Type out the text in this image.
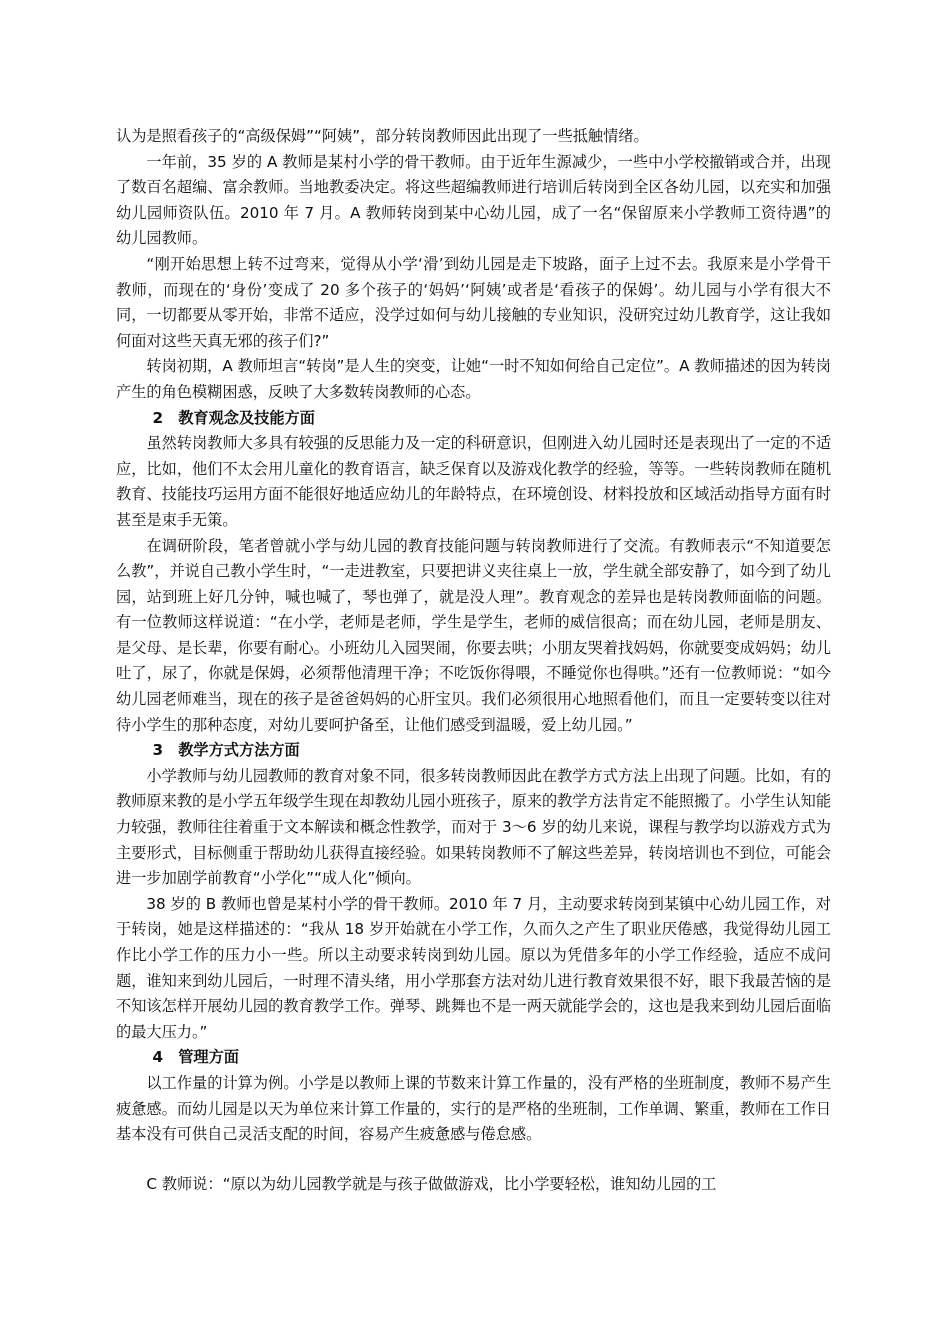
认为是照看孩子的“高级保姆”“阿姨”，部分转岗教师因此出现了一些抵触情绪。

一年前，35 岁的 A 教师是某村小学的骨干教师。由于近年生源减少，一些中小学校撤销或合并，出现了数百名超编、富余教师。当地教委决定。将这些超编教师进行培训后转岗到全区各幼儿园，以充实和加强幼儿园师资队伍。2010 年 7 月。A 教师转岗到某中心幼儿园，成了一名“保留原来小学教师工资待遇”的幼儿园教师。

“刚开始思想上转不过弯来，觉得从小学‘滑’到幼儿园是走下坡路，面子上过不去。我原来是小学骨干教师，而现在的‘身份’变成了 20 多个孩子的‘妈妈’‘阿姨’或者是‘看孩子的保姆’。幼儿园与小学有很大不同，一切都要从零开始，非常不适应，没学过如何与幼儿接触的专业知识，没研究过幼儿教育学，这让我如何面对这些天真无邪的孩子们?”

转岗初期，A 教师坦言“转岗”是人生的突变，让她“一时不知如何给自己定位”。A 教师描述的因为转岗产生的角色模糊困惑，反映了大多数转岗教师的心态。

2　教育观念及技能方面

虽然转岗教师大多具有较强的反思能力及一定的科研意识，但刚进入幼儿园时还是表现出了一定的不适应，比如，他们不太会用儿童化的教育语言，缺乏保育以及游戏化教学的经验，等等。一些转岗教师在随机教育、技能技巧运用方面不能很好地适应幼儿的年龄特点，在环境创设、材料投放和区域活动指导方面有时甚至是束手无策。

在调研阶段，笔者曾就小学与幼儿园的教育技能问题与转岗教师进行了交流。有教师表示“不知道要怎么教”，并说自己教小学生时，“一走进教室，只要把讲义夹往桌上一放，学生就全部安静了，如今到了幼儿园，站到班上好几分钟，喊也喊了，琴也弹了，就是没人理”。教育观念的差异也是转岗教师面临的问题。有一位教师这样说道：“在小学，老师是老师，学生是学生，老师的威信很高；而在幼儿园，老师是朋友、是父母、是长辈，你要有耐心。小班幼儿入园哭闹，你要去哄；小朋友哭着找妈妈，你就要变成妈妈；幼儿吐了，尿了，你就是保姆，必须帮他清理干净；不吃饭你得喂，不睡觉你也得哄。”还有一位教师说：“如今幼儿园老师难当，现在的孩子是爸爸妈妈的心肝宝贝。我们必须很用心地照看他们，而且一定要转变以往对待小学生的那种态度，对幼儿要呵护备至，让他们感受到温暖，爱上幼儿园。”

3　教学方式方法方面

小学教师与幼儿园教师的教育对象不同，很多转岗教师因此在教学方式方法上出现了问题。比如，有的教师原来教的是小学五年级学生现在却教幼儿园小班孩子，原来的教学方法肯定不能照搬了。小学生认知能力较强，教师往往着重于文本解读和概念性教学，而对于 3～6 岁的幼儿来说，课程与教学均以游戏方式为主要形式，目标侧重于帮助幼儿获得直接经验。如果转岗教师不了解这些差异，转岗培训也不到位，可能会进一步加剧学前教育“小学化”“成人化”倾向。

38 岁的 B 教师也曾是某村小学的骨干教师。2010 年 7 月，主动要求转岗到某镇中心幼儿园工作，对于转岗，她是这样描述的：“我从 18 岁开始就在小学工作，久而久之产生了职业厌倦感，我觉得幼儿园工作比小学工作的压力小一些。所以主动要求转岗到幼儿园。原以为凭借多年的小学工作经验，适应不成问题，谁知来到幼儿园后，一时理不清头绪，用小学那套方法对幼儿进行教育效果很不好，眼下我最苦恼的是不知该怎样开展幼儿园的教育教学工作。弹琴、跳舞也不是一两天就能学会的，这也是我来到幼儿园后面临的最大压力。”

4　管理方面

以工作量的计算为例。小学是以教师上课的节数来计算工作量的，没有严格的坐班制度，教师不易产生疲惫感。而幼儿园是以天为单位来计算工作量的，实行的是严格的坐班制，工作单调、繁重，教师在工作日基本没有可供自己灵活支配的时间，容易产生疲惫感与倦怠感。

C 教师说：“原以为幼儿园教学就是与孩子做做游戏，比小学要轻松，谁知幼儿园的工
